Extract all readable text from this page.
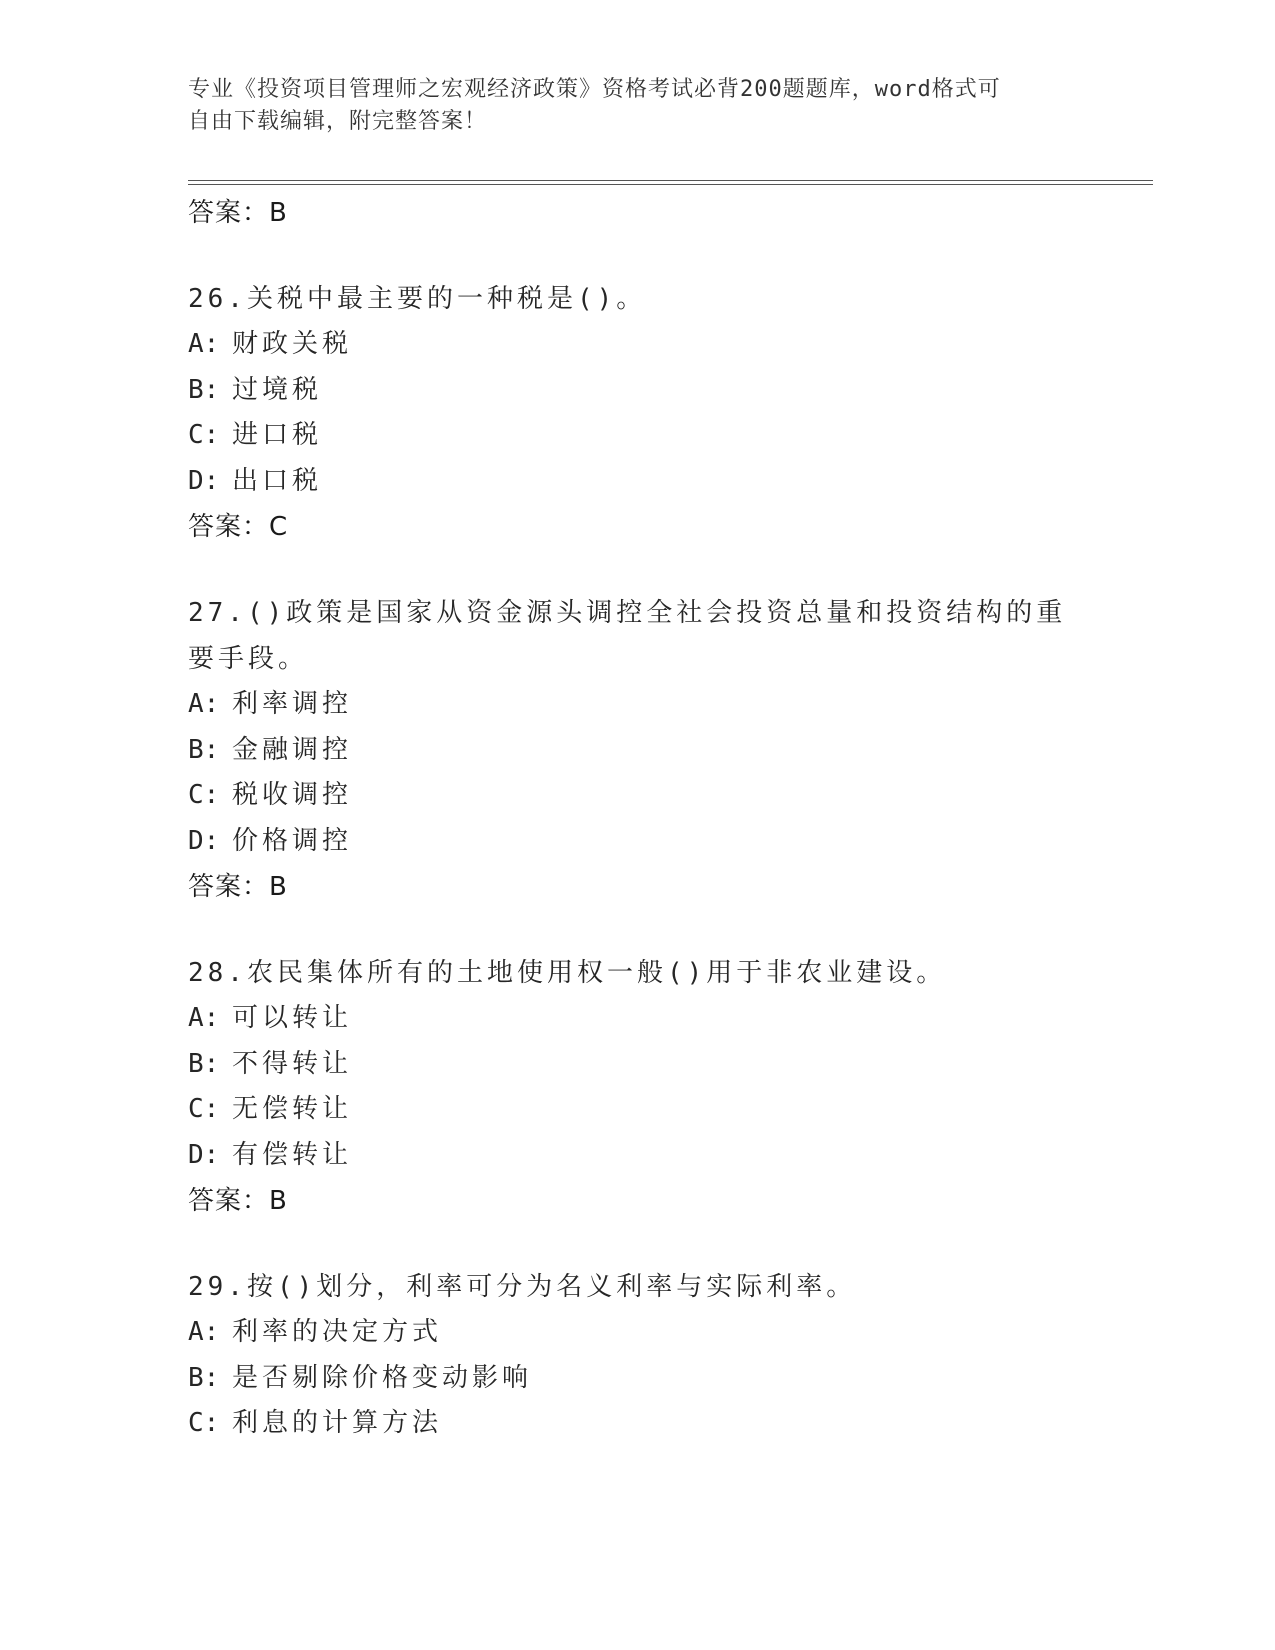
专业《投资项目管理师之宏观经济政策》资格考试必背200题题库，word格式可
自由下载编辑，附完整答案！
答案：B
26.关税中最主要的一种税是()。
A: 财政关税
B: 过境税
C: 进口税
D: 出口税
答案：C
27.()政策是国家从资金源头调控全社会投资总量和投资结构的重要手段。
A: 利率调控
B: 金融调控
C: 税收调控
D: 价格调控
答案：B
28.农民集体所有的土地使用权一般()用于非农业建设。
A: 可以转让
B: 不得转让
C: 无偿转让
D: 有偿转让
答案：B
29.按()划分，利率可分为名义利率与实际利率。
A: 利率的决定方式
B: 是否剔除价格变动影响
C: 利息的计算方法
